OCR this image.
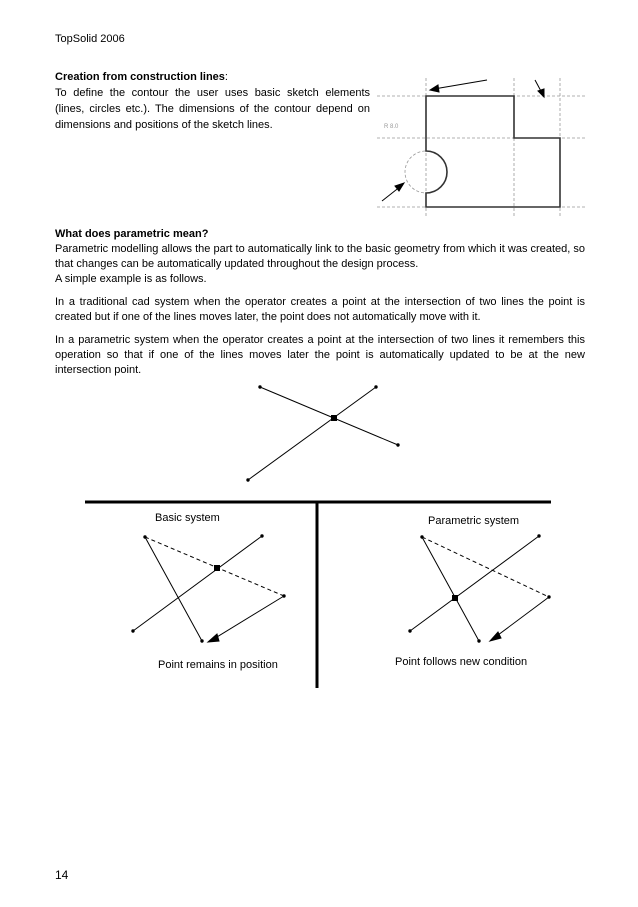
TopSolid 2006
Creation from construction lines:
To define the contour the user uses basic sketch elements (lines, circles etc.). The dimensions of the contour depend on dimensions and positions of the sketch lines.	R 8.0
What does parametric mean?
Parametric modelling allows the part to automatically link to the basic geometry from which it was created, so that changes can be automatically updated throughout the design process.

A simple example is as follows.

In a traditional cad system when the operator creates a point at the intersection of two lines the point is created but if one of the lines moves later, the point does not automatically move with it.

In a parametric system when the operator creates a point at the intersection of two lines it remembers this operation so that if one of the lines moves later the point is automatically updated to be at the new intersection point.

Basic system	Parametric system
Point remains in position	Point follows new condition
14
